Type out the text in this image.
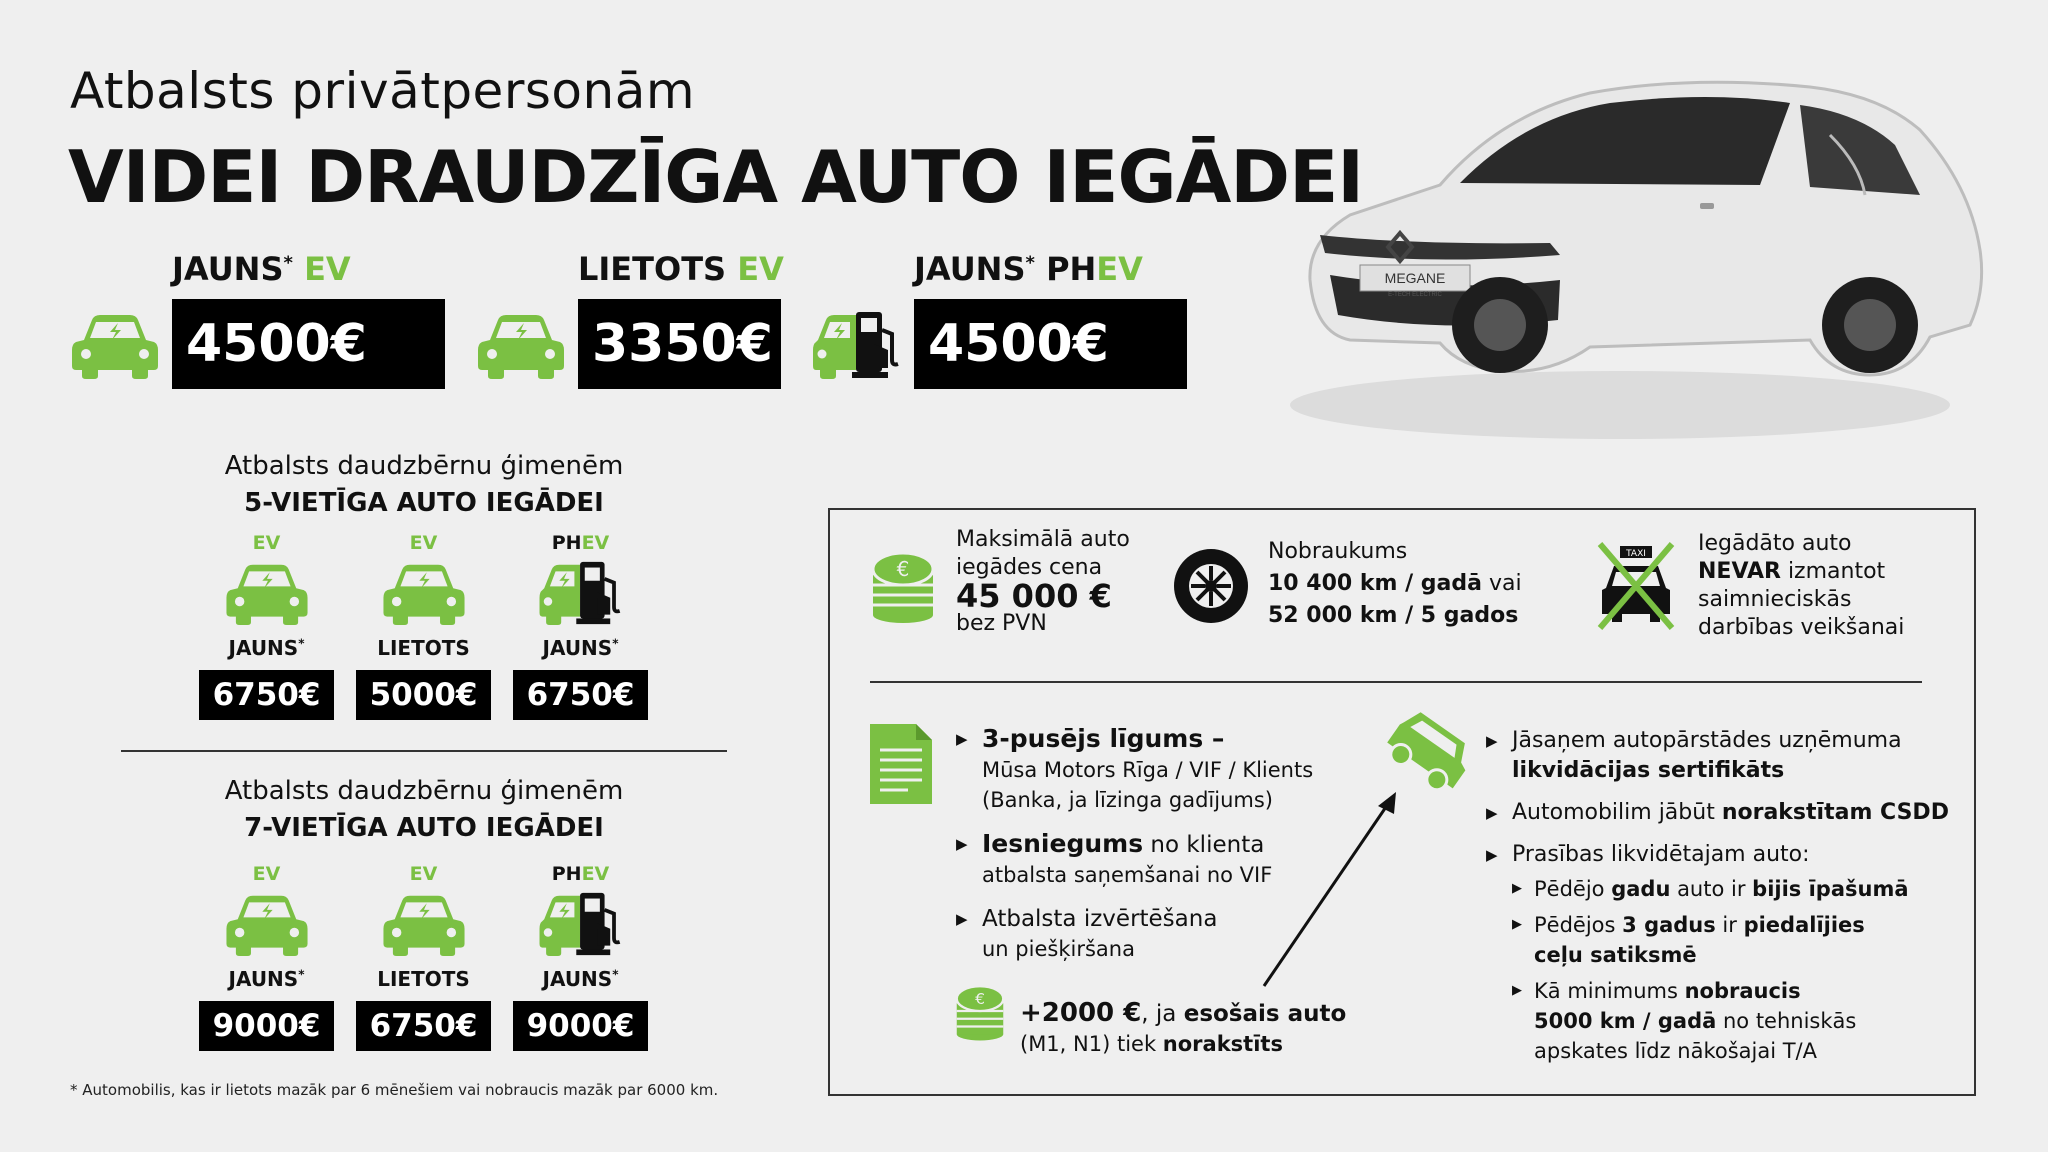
Atbalsts privātpersonām
VIDEI DRAUDZĪGA AUTO IEGĀDEI
JAUNS* EV
4500€
LIETOTS EV
3350€
JAUNS* PHEV
4500€
MEGANE
E-TECH ELECTRIC
Atbalsts daudzbērnu ģimenēm
5-VIETĪGA AUTO IEGĀDEI
EV
JAUNS*
6750€
EV
LIETOTS
5000€
PHEV
JAUNS*
6750€
Atbalsts daudzbērnu ģimenēm
7-VIETĪGA AUTO IEGĀDEI
EV
JAUNS*
9000€
EV
LIETOTS
6750€
PHEV
JAUNS*
9000€
* Automobilis, kas ir lietots mazāk par 6 mēnešiem vai nobraucis mazāk par 6000 km.
€
Maksimālā auto
iegādes cena
45 000 €
bez PVN
Nobraukums
10 400 km / gadā vai
52 000 km / 5 gados
TAXI Iegādāto auto
NEVAR izmantot
saimnieciskās
darbības veikšanai
▶ 3-pusējs līgums –
Mūsa Motors Rīga / VIF / Klients
(Banka, ja līzinga gadījums)
▶ Iesniegums no klienta
atbalsta saņemšanai no VIF
▶ Atbalsta izvērtēšana
un piešķiršana
€ +2000 €, ja esošais auto
(M1, N1) tiek norakstīts
▶ Jāsaņem autopārstādes uzņēmuma
likvidācijas sertifikāts
▶ Automobilim jābūt norakstītam CSDD
▶ Prasības likvidētajam auto:
▶ Pēdējo gadu auto ir bijis īpašumā
▶ Pēdējos 3 gadus ir piedalījies
ceļu satiksmē
▶ Kā minimums nobraucis
5000 km / gadā no tehniskās
apskates līdz nākošajai T/A
